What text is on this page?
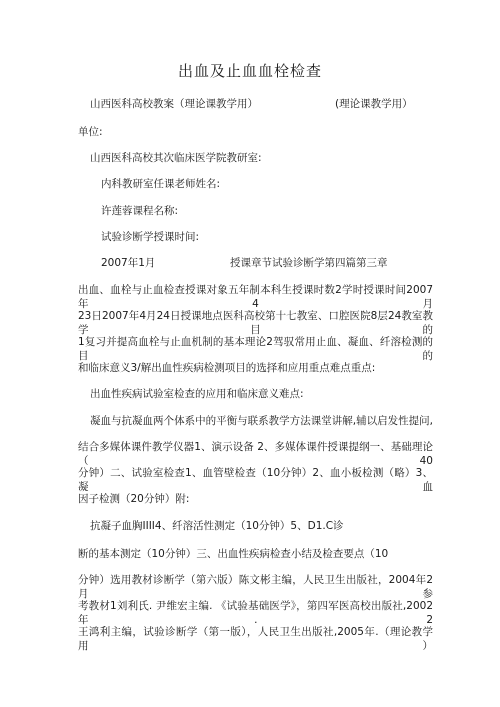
出血及止血血栓检查
山西医科高校教案（理论课教学用）	(理论课教学用）
单位:
山西医科高校其次临床医学院教研室:
内科教研室任课老师姓名:
许莲蓉课程名称:
试验诊断学授课时间:
2007年1月	授课章节试验诊断学第四篇第三章
出血、血栓与止血检查授课对象五年制本科生授课时数2学时授课时间2007年4月
23日2007年4月24日授课地点医科高校第十七教室、口腔医院8层24教室教学目的
1复习并提高血栓与止血机制的基本理论2驾驭常用止血、凝血、纤溶检测的目的
和临床意义3/解出血性疾病检测项目的选择和应用重点难点重点:
出血性疾病试验室检查的应用和临床意义难点:
凝血与抗凝血两个体系中的平衡与联系教学方法课堂讲解,辅以启发性提问,
结合多媒体课件教学仪器1、演示设备 2、多媒体课件授课提纲一、基础理论（40
分钟）二、试验室检查1、血管壁检查（10分钟）2、血小板检测（略）3、凝血
因子检测（20分钟）附:
抗凝子血胸IIII4、纤溶活性测定（10分钟）5、D1.C诊
断的基本测定（10分钟）三、出血性疾病检查小结及检查要点（10
分钟）选用教材诊断学（第六版）陈文彬主编，人民卫生出版社，2004年2月参
考教材1刘利氏. 尹维宏主编. 《试验基础医学》，第四军医高校出版社,2002年. 2
王鸿利主编，试验诊断学（第一版），人民卫生出版社,2005年.（理论教学用）
